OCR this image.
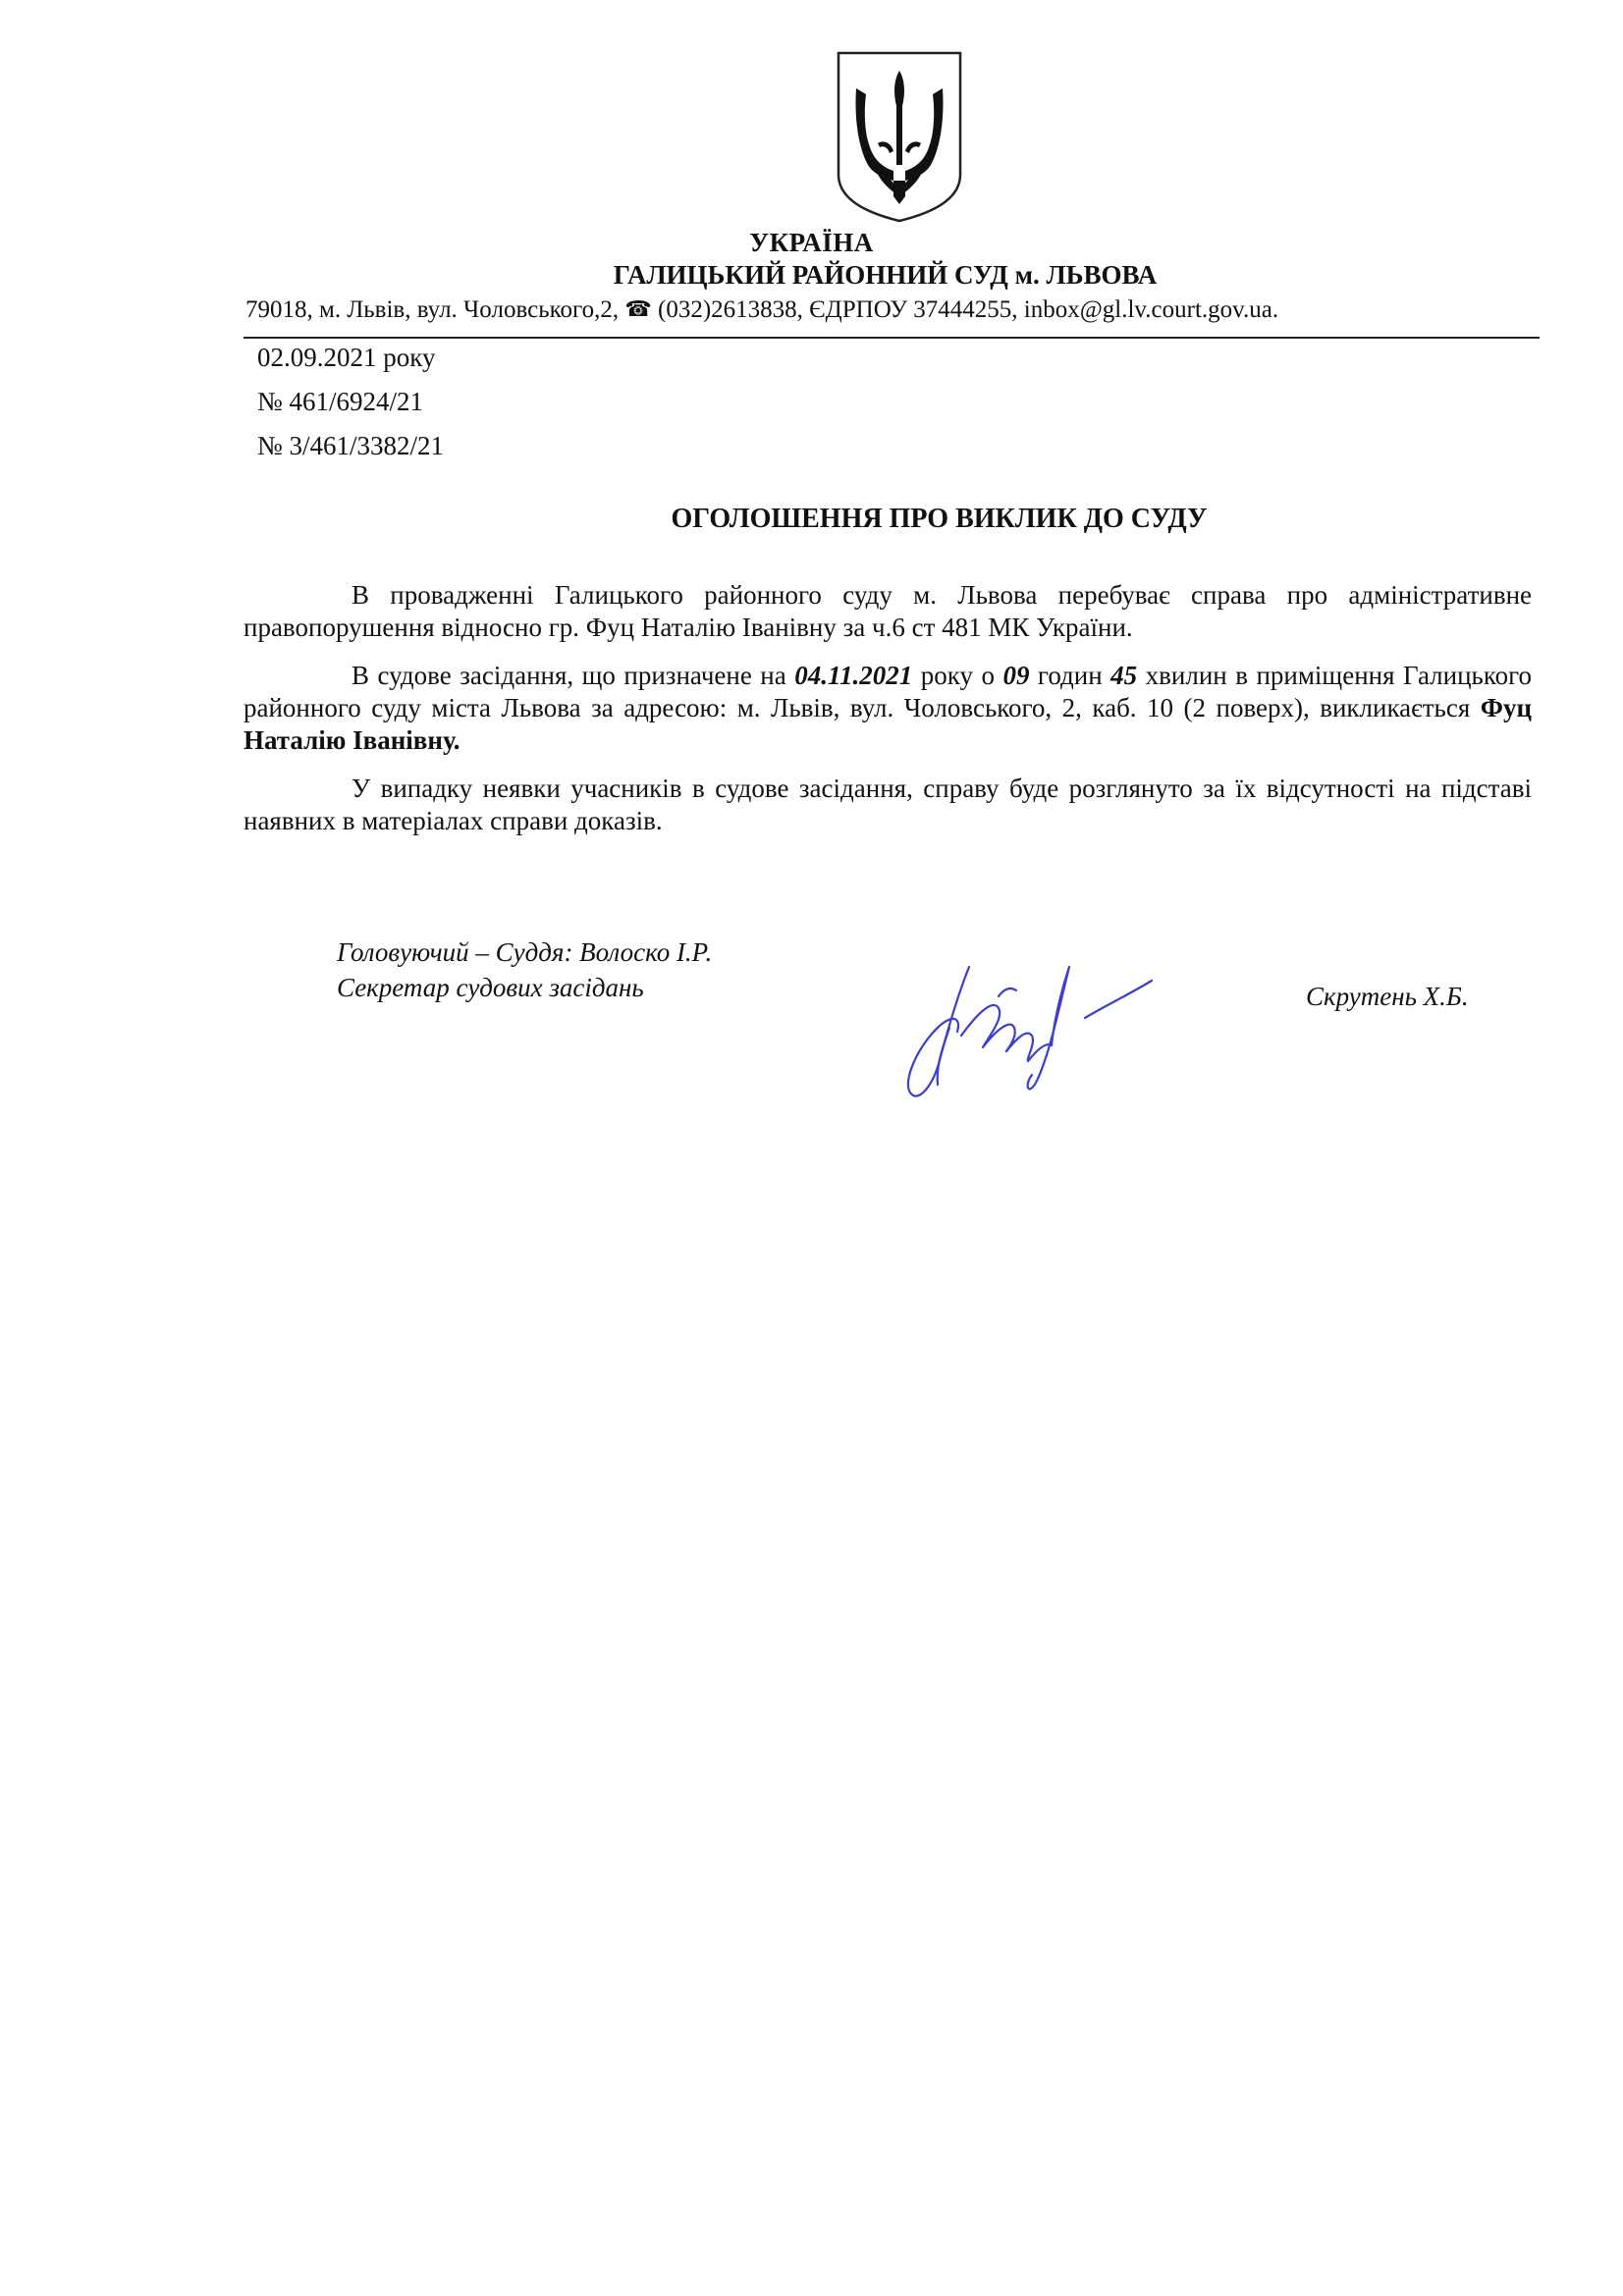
УКРАЇНА
ГАЛИЦЬКИЙ РАЙОННИЙ СУД м. ЛЬВОВА
79018, м. Львів, вул. Чоловського,2, ☎ (032)2613838, ЄДРПОУ 37444255, inbox@gl.lv.court.gov.ua.
02.09.2021 року
№ 461/6924/21
№ 3/461/3382/21
ОГОЛОШЕННЯ ПРО ВИКЛИК ДО СУДУ

В провадженні Галицького районного суду м. Львова перебуває справа про адміністративне правопорушення відносно гр. Фуц Наталію Іванівну за ч.6 ст 481 МК України.

В судове засідання, що призначене на 04.11.2021 року о 09 годин 45 хвилин в приміщення Галицького районного суду міста Львова за адресою: м. Львів, вул. Чоловського, 2, каб. 10 (2 поверх), викликається Фуц Наталію Іванівну.

У випадку неявки учасників в судове засідання, справу буде розглянуто за їх відсутності на підставі наявних в матеріалах справи доказів.

Головуючий – Суддя: Волоско І.Р.
Секретар судових засідань	Скрутень Х.Б.
